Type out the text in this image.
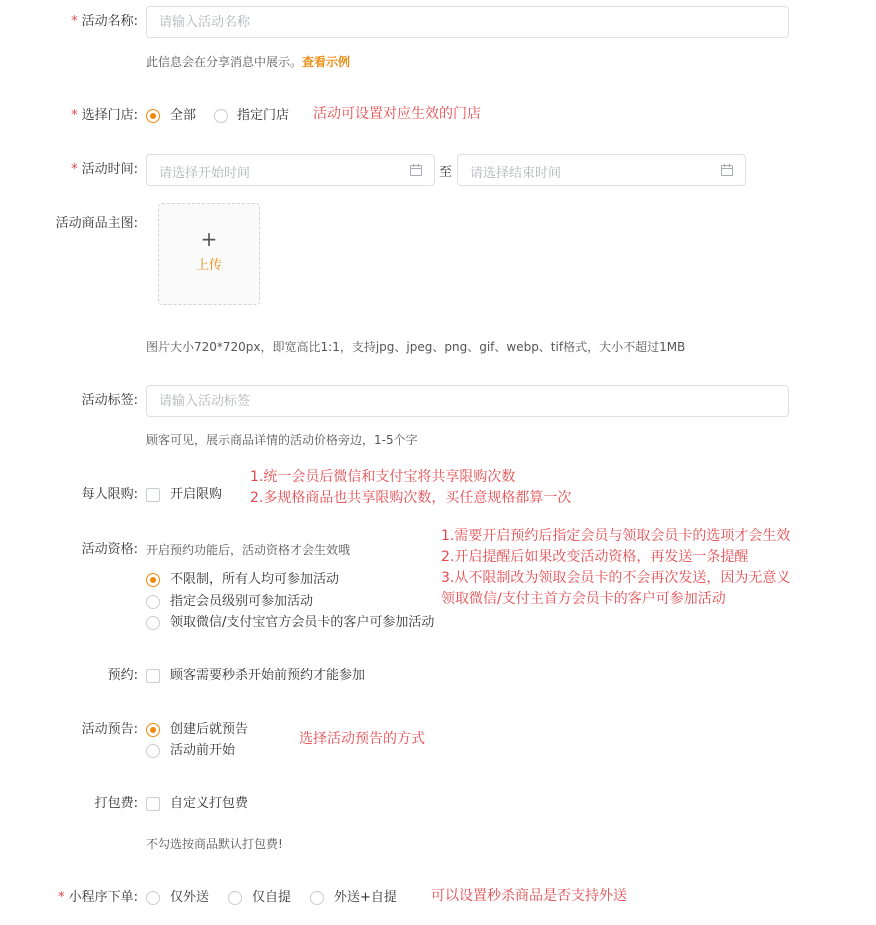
* 活动名称:
请输入活动名称
此信息会在分享消息中展示。查看示例
* 选择门店: 全部	指定门店 活动可设置对应生效的门店
* 活动时间: 请选择开始时间	至 请选择结束时间
活动商品主图:
+
上传
图片大小720*720px，即宽高比1:1，支持jpg、jpeg、png、gif、webp、tif格式，大小不超过1MB
活动标签:
请输入活动标签
顾客可见，展示商品详情的活动价格旁边，1-5个字
每人限购: 开启限购
1.统一会员后微信和支付宝将共享限购次数
2.多规格商品也共享限购次数，买任意规格都算一次
活动资格: 开启预约功能后，活动资格才会生效哦
不限制，所有人均可参加活动
指定会员级别可参加活动
领取微信/支付宝官方会员卡的客户可参加活动
1.需要开启预约后指定会员与领取会员卡的选项才会生效
2.开启提醒后如果改变活动资格，再发送一条提醒
3.从不限制改为领取会员卡的不会再次发送，因为无意义
领取微信/支付主首方会员卡的客户可参加活动
预约: 顾客需要秒杀开始前预约才能参加
活动预告: 创建后就预告
活动前开始
选择活动预告的方式
打包费: 自定义打包费
不勾选按商品默认打包费!
* 小程序下单: 仅外送	仅自提	外送+自提 可以设置秒杀商品是否支持外送
